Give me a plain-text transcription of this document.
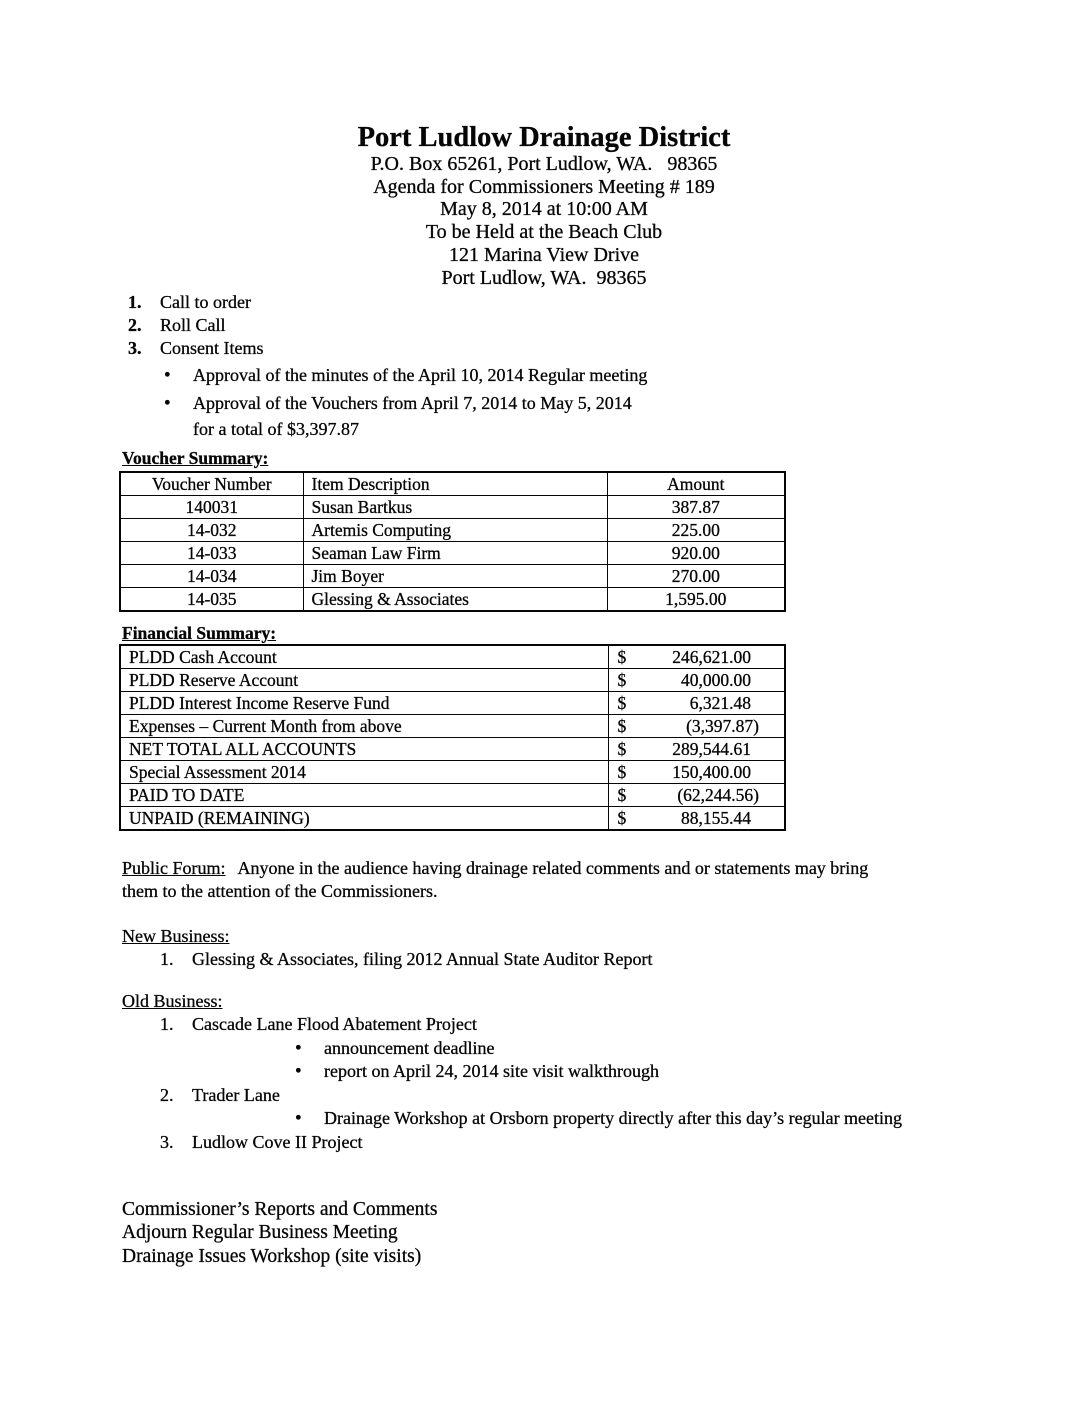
Port Ludlow Drainage District
P.O. Box 65261, Port Ludlow, WA.   98365
Agenda for Commissioners Meeting # 189
May 8, 2014 at 10:00 AM
To be Held at the Beach Club
121 Marina View Drive
Port Ludlow, WA.  98365
1.	Call to order
2.	Roll Call
3.	Consent Items
•
Approval of the minutes of the April 10, 2014 Regular meeting
•
Approval of the Vouchers from April 7, 2014 to May 5, 2014
for a total of $3,397.87
Voucher Summary:
Voucher Number	Item Description	Amount
140031	Susan Bartkus	387.87
14-032	Artemis Computing	225.00
14-033	Seaman Law Firm	920.00
14-034	Jim Boyer	270.00
14-035	Glessing & Associates	1,595.00
Financial Summary:
PLDD Cash Account	$ 246,621.00

PLDD Reserve Account	$ 40,000.00

PLDD Interest Income Reserve Fund	$ 6,321.48

Expenses – Current Month from above	$ (3,397.87)

NET TOTAL ALL ACCOUNTS	$ 289,544.61

Special Assessment 2014	$ 150,400.00

PAID TO DATE	$ (62,244.56)

UNPAID (REMAINING)	$ 88,155.44
Public Forum: Anyone in the audience having drainage related comments and or statements may bring
them to the attention of the Commissioners.
New Business:
1.	Glessing & Associates, filing 2012 Annual State Auditor Report
Old Business:
1.	Cascade Lane Flood Abatement Project
•
announcement deadline
•
report on April 24, 2014 site visit walkthrough
2.	Trader Lane
•
Drainage Workshop at Orsborn property directly after this day’s regular meeting
3.	Ludlow Cove II Project
Commissioner’s Reports and Comments
Adjourn Regular Business Meeting
Drainage Issues Workshop (site visits)
